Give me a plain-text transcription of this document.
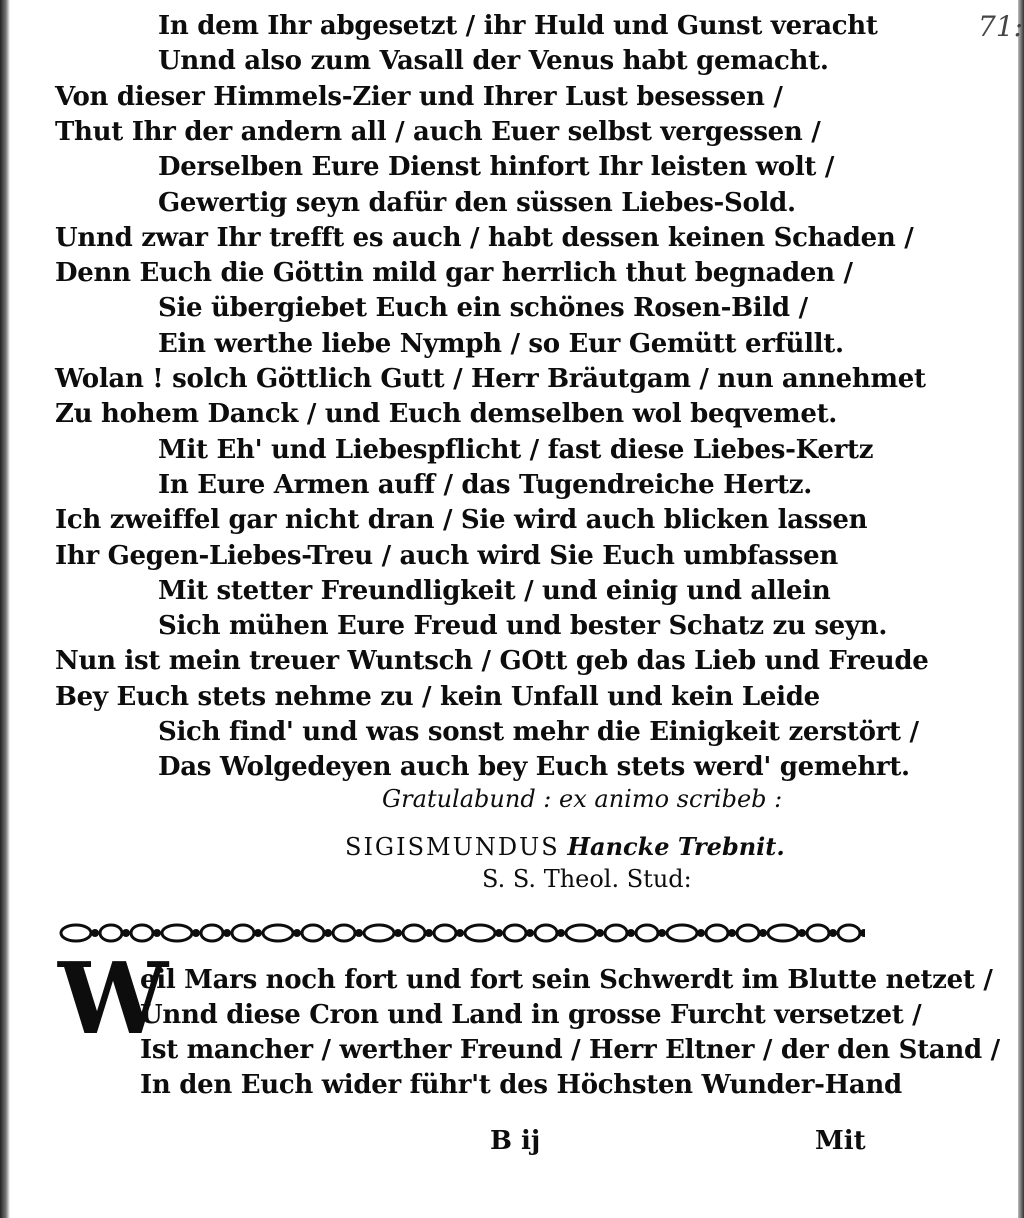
71:
In dem Ihr abgesetzt / ihr Huld und Gunst veracht
Unnd also zum Vasall der Venus habt gemacht.
Von dieser Himmels-Zier und Ihrer Lust besessen /
Thut Ihr der andern all / auch Euer selbst vergessen /
Derselben Eure Dienst hinfort Ihr leisten wolt /
Gewertig seyn dafür den süssen Liebes-Sold.
Unnd zwar Ihr trefft es auch / habt dessen keinen Schaden /
Denn Euch die Göttin mild gar herrlich thut begnaden /
Sie übergiebet Euch ein schönes Rosen-Bild /
Ein werthe liebe Nymph / so Eur Gemütt erfüllt.
Wolan ! solch Göttlich Gutt / Herr Bräutgam / nun annehmet
Zu hohem Danck / und Euch demselben wol beqvemet.
Mit Eh' und Liebespflicht / fast diese Liebes-Kertz
In Eure Armen auff / das Tugendreiche Hertz.
Ich zweiffel gar nicht dran / Sie wird auch blicken lassen
Ihr Gegen-Liebes-Treu / auch wird Sie Euch umbfassen
Mit stetter Freundligkeit / und einig und allein
Sich mühen Eure Freud und bester Schatz zu seyn.
Nun ist mein treuer Wuntsch / GOtt geb das Lieb und Freude
Bey Euch stets nehme zu / kein Unfall und kein Leide
Sich find' und was sonst mehr die Einigkeit zerstört /
Das Wolgedeyen auch bey Euch stets werd' gemehrt.
Gratulabund : ex animo scribeb :
SIGISMUNDUS Hancke Trebnit.
S. S. Theol. Stud:
W
eil Mars noch fort und fort sein Schwerdt im Blutte netzet /
Unnd diese Cron und Land in grosse Furcht versetzet /
Ist mancher / werther Freund / Herr Eltner / der den Stand /
In den Euch wider führ't des Höchsten Wunder-Hand
B ij	Mit
